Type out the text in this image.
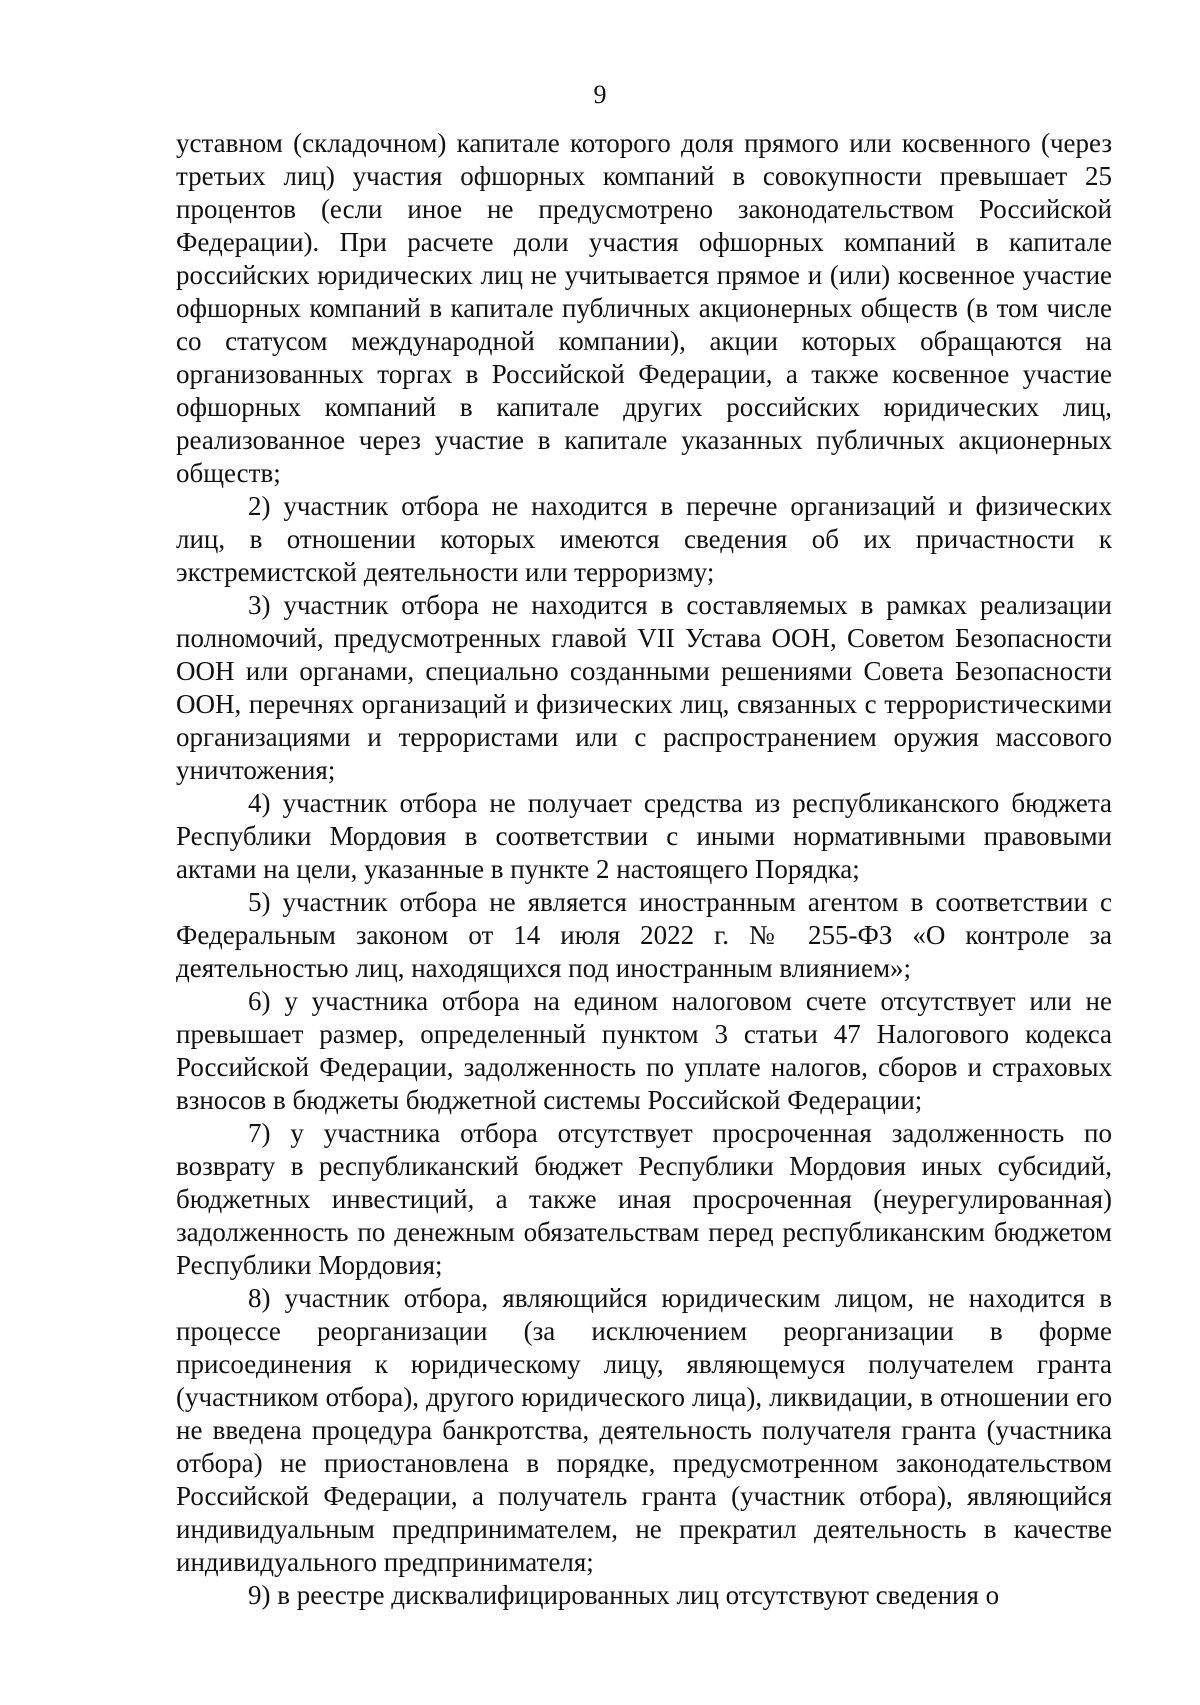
9

уставном (складочном) капитале которого доля прямого или косвенного (через третьих лиц) участия офшорных компаний в совокупности превышает 25 процентов (если иное не предусмотрено законодательством Российской Федерации). При расчете доли участия офшорных компаний в капитале российских юридических лиц не учитывается прямое и (или) косвенное участие офшорных компаний в капитале публичных акционерных обществ (в том числе со статусом международной компании), акции которых обращаются на организованных торгах в Российской Федерации, а также косвенное участие офшорных компаний в капитале других российских юридических лиц, реализованное через участие в капитале указанных публичных акционерных обществ;

2) участник отбора не находится в перечне организаций и физических лиц, в отношении которых имеются сведения об их причастности к экстремистской деятельности или терроризму;

3) участник отбора не находится в составляемых в рамках реализации полномочий, предусмотренных главой VII Устава ООН, Советом Безопасности ООН или органами, специально созданными решениями Совета Безопасности ООН, перечнях организаций и физических лиц, связанных с террористическими организациями и террористами или с распространением оружия массового уничтожения;

4) участник отбора не получает средства из республиканского бюджета Республики Мордовия в соответствии с иными нормативными правовыми актами на цели, указанные в пункте 2 настоящего Порядка;

5) участник отбора не является иностранным агентом в соответствии с Федеральным законом от 14 июля 2022 г. № 255-ФЗ «О контроле за деятельностью лиц, находящихся под иностранным влиянием»;

6) у участника отбора на едином налоговом счете отсутствует или не превышает размер, определенный пунктом 3 статьи 47 Налогового кодекса Российской Федерации, задолженность по уплате налогов, сборов и страховых взносов в бюджеты бюджетной системы Российской Федерации;

7) у участника отбора отсутствует просроченная задолженность по возврату в республиканский бюджет Республики Мордовия иных субсидий, бюджетных инвестиций, а также иная просроченная (неурегулированная) задолженность по денежным обязательствам перед республиканским бюджетом Республики Мордовия;

8) участник отбора, являющийся юридическим лицом, не находится в процессе реорганизации (за исключением реорганизации в форме присоединения к юридическому лицу, являющемуся получателем гранта (участником отбора), другого юридического лица), ликвидации, в отношении его не введена процедура банкротства, деятельность получателя гранта (участника отбора) не приостановлена в порядке, предусмотренном законодательством Российской Федерации, а получатель гранта (участник отбора), являющийся индивидуальным предпринимателем, не прекратил деятельность в качестве индивидуального предпринимателя;

9) в реестре дисквалифицированных лиц отсутствуют сведения о
